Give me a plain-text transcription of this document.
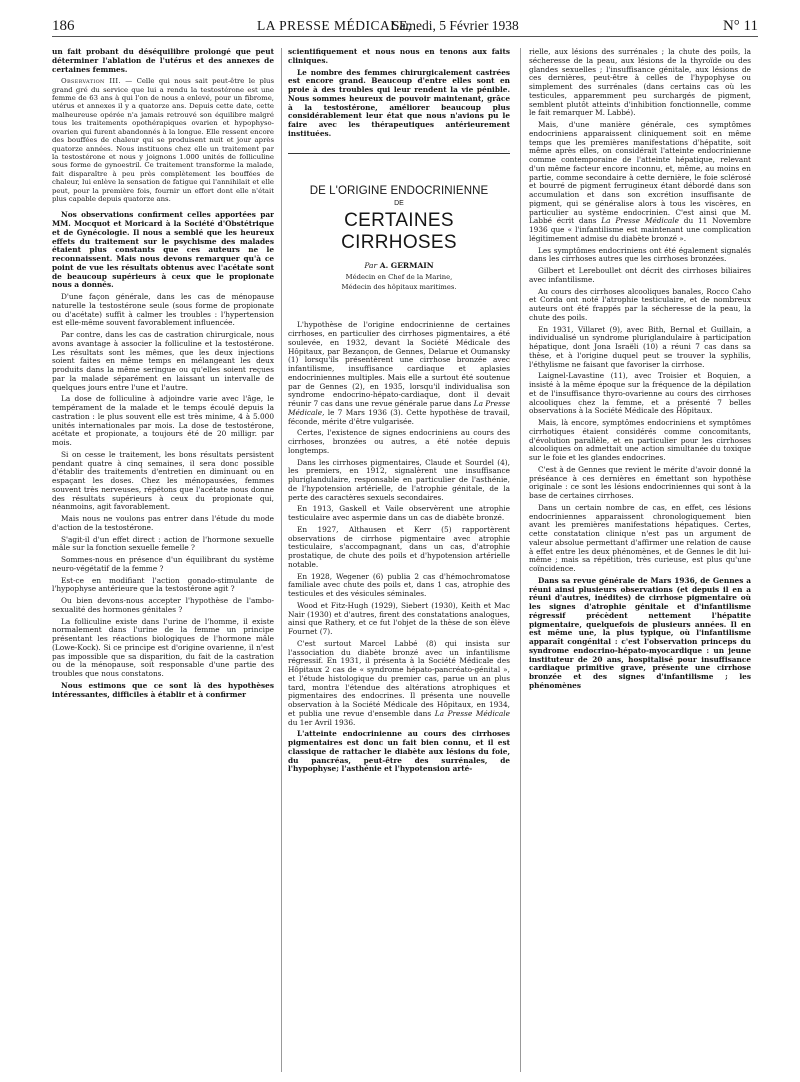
186	LA PRESSE MÉDICALE,
Samedi, 5 Février 1938	N° 11

un fait probant du déséquilibre prolongé que peut déterminer l'ablation de l'utérus et des annexes de certaines femmes.

Observation III. — Celle qui nous sait peut-être le plus grand gré du service que lui a rendu la testostérone est une femme de 63 ans à qui l'on de nous a enlevé, pour un fibrome, utérus et annexes il y a quatorze ans. Depuis cette date, cette malheureuse opérée n'a jamais retrouvé son équilibre malgré tous les traitements opothérapiques ovarien et hypophyso-ovarien qui furent abandonnés à la longue. Elle ressent encore des bouffées de chaleur qui se produisent nuit et jour après quatorze années. Nous instituons chez elle un traitement par la testostérone et nous y joignons 1.000 unités de folliculine sous forme de gynoestril. Ce traitement transforme la malade, fait disparaître à peu près complètement les bouffées de chaleur, lui enlève la sensation de fatigue qui l'annihilait et elle peut, pour la première fois, fournir un effort dont elle n'était plus capable depuis quatorze ans.

Nos observations confirment celles apportées par MM. Mocquot et Moricard à la Société d'Obstétrique et de Gynécologie. Il nous a semblé que les heureux effets du traitement sur le psychisme des malades étaient plus constants que ces auteurs ne le reconnaissent. Mais nous devons remarquer qu'à ce point de vue les résultats obtenus avec l'acétate sont de beaucoup supérieurs à ceux que le propionate nous a donnés.

D'une façon générale, dans les cas de ménopause naturelle la testostérone seule (sous forme de propionate ou d'acétate) suffit à calmer les troubles : l'hypertension est elle-même souvent favorablement influencée.

Par contre, dans les cas de castration chirurgicale, nous avons avantage à associer la folliculine et la testostérone. Les résultats sont les mêmes, que les deux injections soient faites en même temps en mélangeant les deux produits dans la même seringue ou qu'elles soient reçues par la malade séparément en laissant un intervalle de quelques jours entre l'une et l'autre.

La dose de folliculine à adjoindre varie avec l'âge, le tempérament de la malade et le temps écoulé depuis la castration : le plus souvent elle est très minime, 4 à 5.000 unités internationales par mois. La dose de testostérone, acétate et propionate, a toujours été de 20 milligr. par mois.

Si on cesse le traitement, les bons résultats persistent pendant quatre à cinq semaines, il sera donc possible d'établir des traitements d'entretien en diminuant ou en espaçant les doses. Chez les ménopausées, femmes souvent très nerveuses, répétons que l'acétate nous donne des résultats supérieurs à ceux du propionate qui, néanmoins, agit favorablement.

Mais nous ne voulons pas entrer dans l'étude du mode d'action de la testostérone.

S'agit-il d'un effet direct : action de l'hormone sexuelle mâle sur la fonction sexuelle femelle ?

Sommes-nous en présence d'un équilibrant du système neuro-végétatif de la femme ?

Est-ce en modifiant l'action gonado-stimulante de l'hypophyse antérieure que la testostérone agit ?

Ou bien devons-nous accepter l'hypothèse de l'ambo-sexualité des hormones génitales ?

La folliculine existe dans l'urine de l'homme, il existe normalement dans l'urine de la femme un principe présentant les réactions biologiques de l'hormone mâle (Lowe-Kock). Si ce principe est d'origine ovarienne, il n'est pas impossible que sa disparition, du fait de la castration ou de la ménopause, soit responsable d'une partie des troubles que nous constatons.

Nous estimons que ce sont là des hypothèses intéressantes, difficiles à établir et à confirmer

scientifiquement et nous nous en tenons aux faits cliniques.

Le nombre des femmes chirurgicalement castrées est encore grand. Beaucoup d'entre elles sont en proie à des troubles qui leur rendent la vie pénible. Nous sommes heureux de pouvoir maintenant, grâce à la testostérone, améliorer beaucoup plus considérablement leur état que nous n'avions pu le faire avec les thérapeutiques antérieurement instituées.

DE L'ORIGINE ENDOCRINIENNE
DE
CERTAINES CIRRHOSES
Par A. GERMAIN
Médecin en Chef de la Marine,
Médecin des hôpitaux maritimes.

L'hypothèse de l'origine endocrinienne de certaines cirrhoses, en particulier des cirrhoses pigmentaires, a été soulevée, en 1932, devant la Société Médicale des Hôpitaux, par Bezançon, de Gennes, Delarue et Oumansky (1) lorsqu'ils présentèrent une cirrhose bronzée avec infantilisme, insuffisance cardiaque et aplasies endocriniennes multiples. Mais elle a surtout été soutenue par de Gennes (2), en 1935, lorsqu'il individualisa son syndrome endocrino-hépato-cardiaque, dont il devait réunir 7 cas dans une revue générale parue dans La Presse Médicale, le 7 Mars 1936 (3). Cette hypothèse de travail, féconde, mérite d'être vulgarisée.

Certes, l'existence de signes endocriniens au cours des cirrhoses, bronzées ou autres, a été notée depuis longtemps.

Dans les cirrhoses pigmentaires, Claude et Sourdel (4), les premiers, en 1912, signalèrent une insuffisance pluriglandulaire, responsable en particulier de l'asthénie, de l'hypotension artérielle, de l'atrophie génitale, de la perte des caractères sexuels secondaires.

En 1913, Gaskell et Vaile observèrent une atrophie testiculaire avec aspermie dans un cas de diabète bronzé.

En 1927, Althausen et Kerr (5) rapportèrent observations de cirrhose pigmentaire avec atrophie testiculaire, s'accompagnant, dans un cas, d'atrophie prostatique, de chute des poils et d'hypotension artérielle notable.

En 1928, Wegener (6) publia 2 cas d'hémochromatose familiale avec chute des poils et, dans 1 cas, atrophie des testicules et des vésicules séminales.

Wood et Fitz-Hugh (1929), Siebert (1930), Keith et Mac Nair (1930) et d'autres, firent des constatations analogues, ainsi que Rathery, et ce fut l'objet de la thèse de son élève Fournet (7).

C'est surtout Marcel Labbé (8) qui insista sur l'association du diabète bronzé avec un infantilisme régressif. En 1931, il présenta à la Société Médicale des Hôpitaux 2 cas de « syndrome hépato-pancréato-génital », et l'étude histologique du premier cas, parue un an plus tard, montra l'étendue des altérations atrophiques et pigmentaires des endocrines. Il présenta une nouvelle observation à la Société Médicale des Hôpitaux, en 1934, et publia une revue d'ensemble dans La Presse Médicale du 1er Avril 1936.

L'atteinte endocrinienne au cours des cirrhoses pigmentaires est donc un fait bien connu, et il est classique de rattacher le diabète aux lésions du foie, du pancréas, peut-être des surrénales, de l'hypophyse; l'asthénie et l'hypotension arté-

rielle, aux lésions des surrénales ; la chute des poils, la sécheresse de la peau, aux lésions de la thyroïde ou des glandes sexuelles ; l'insuffisance génitale, aux lésions de ces dernières, peut-être à celles de l'hypophyse ou simplement des surrénales (dans certains cas où les testicules, apparemment peu surchargés de pigment, semblent plutôt atteints d'inhibition fonctionnelle, comme le fait remarquer M. Labbé).

Mais, d'une manière générale, ces symptômes endocriniens apparaissent cliniquement soit en même temps que les premières manifestations d'hépatite, soit même après elles, on considérait l'atteinte endocrinienne comme contemporaine de l'atteinte hépatique, relevant d'un même facteur encore inconnu, et, même, au moins en partie, comme secondaire à cette dernière, le foie sclérosé et bourré de pigment ferrugineux étant débordé dans son accumulation et dans son excrétion insuffisante de pigment, qui se généralise alors à tous les viscères, en particulier au système endocrinien. C'est ainsi que M. Labbé écrit dans La Presse Médicale du 11 Novembre 1936 que « l'infantilisme est maintenant une complication légitimement admise du diabète bronzé ».

Les symptômes endocriniens ont été également signalés dans les cirrhoses autres que les cirrhoses bronzées.

Gilbert et Lereboullet ont décrit des cirrhoses biliaires avec infantilisme.

Au cours des cirrhoses alcooliques banales, Rocco Caho et Corda ont noté l'atrophie testiculaire, et de nombreux auteurs ont été frappés par la sécheresse de la peau, la chute des poils.

En 1931, Villaret (9), avec Bith, Bernal et Guillain, a individualisé un syndrome pluriglandulaire à participation hépatique, dont Jona Israëli (10) a réuni 7 cas dans sa thèse, et à l'origine duquel peut se trouver la syphilis, l'éthylisme ne faisant que favoriser la cirrhose.

Laignel-Lavastine (11), avec Troisier et Boquien, a insisté à la même époque sur la fréquence de la dépilation et de l'insuffisance thyro-ovarienne au cours des cirrhoses alcooliques chez la femme, et a présenté 7 belles observations à la Société Médicale des Hôpitaux.

Mais, là encore, symptômes endocriniens et symptômes cirrhotiques étaient considérés comme concomitants, d'évolution parallèle, et en particulier pour les cirrhoses alcooliques on admettait une action simultanée du toxique sur le foie et les glandes endocrines.

C'est à de Gennes que revient le mérite d'avoir donné la préséance à ces dernières en émettant son hypothèse originale : ce sont les lésions endocriniennes qui sont à la base de certaines cirrhoses.

Dans un certain nombre de cas, en effet, ces lésions endocriniennes apparaissent chronologiquement bien avant les premières manifestations hépatiques. Certes, cette constatation clinique n'est pas un argument de valeur absolue permettant d'affirmer une relation de cause à effet entre les deux phénomènes, et de Gennes le dit lui-même ; mais sa répétition, très curieuse, est plus qu'une coïncidence.

Dans sa revue générale de Mars 1936, de Gennes a réuni ainsi plusieurs observations (et depuis il en a réuni d'autres, inédites) de cirrhose pigmentaire où les signes d'atrophie génitale et d'infantilisme régressif précèdent nettement l'hépatite pigmentaire, quelquefois de plusieurs années. Il en est même une, la plus typique, où l'infantilisme apparaît congénital : c'est l'observation princeps du syndrome endocrino-hépato-myocardique : un jeune instituteur de 20 ans, hospitalisé pour insuffisance cardiaque primitive grave, présente une cirrhose bronzée et des signes d'infantilisme ; les phénomènes
